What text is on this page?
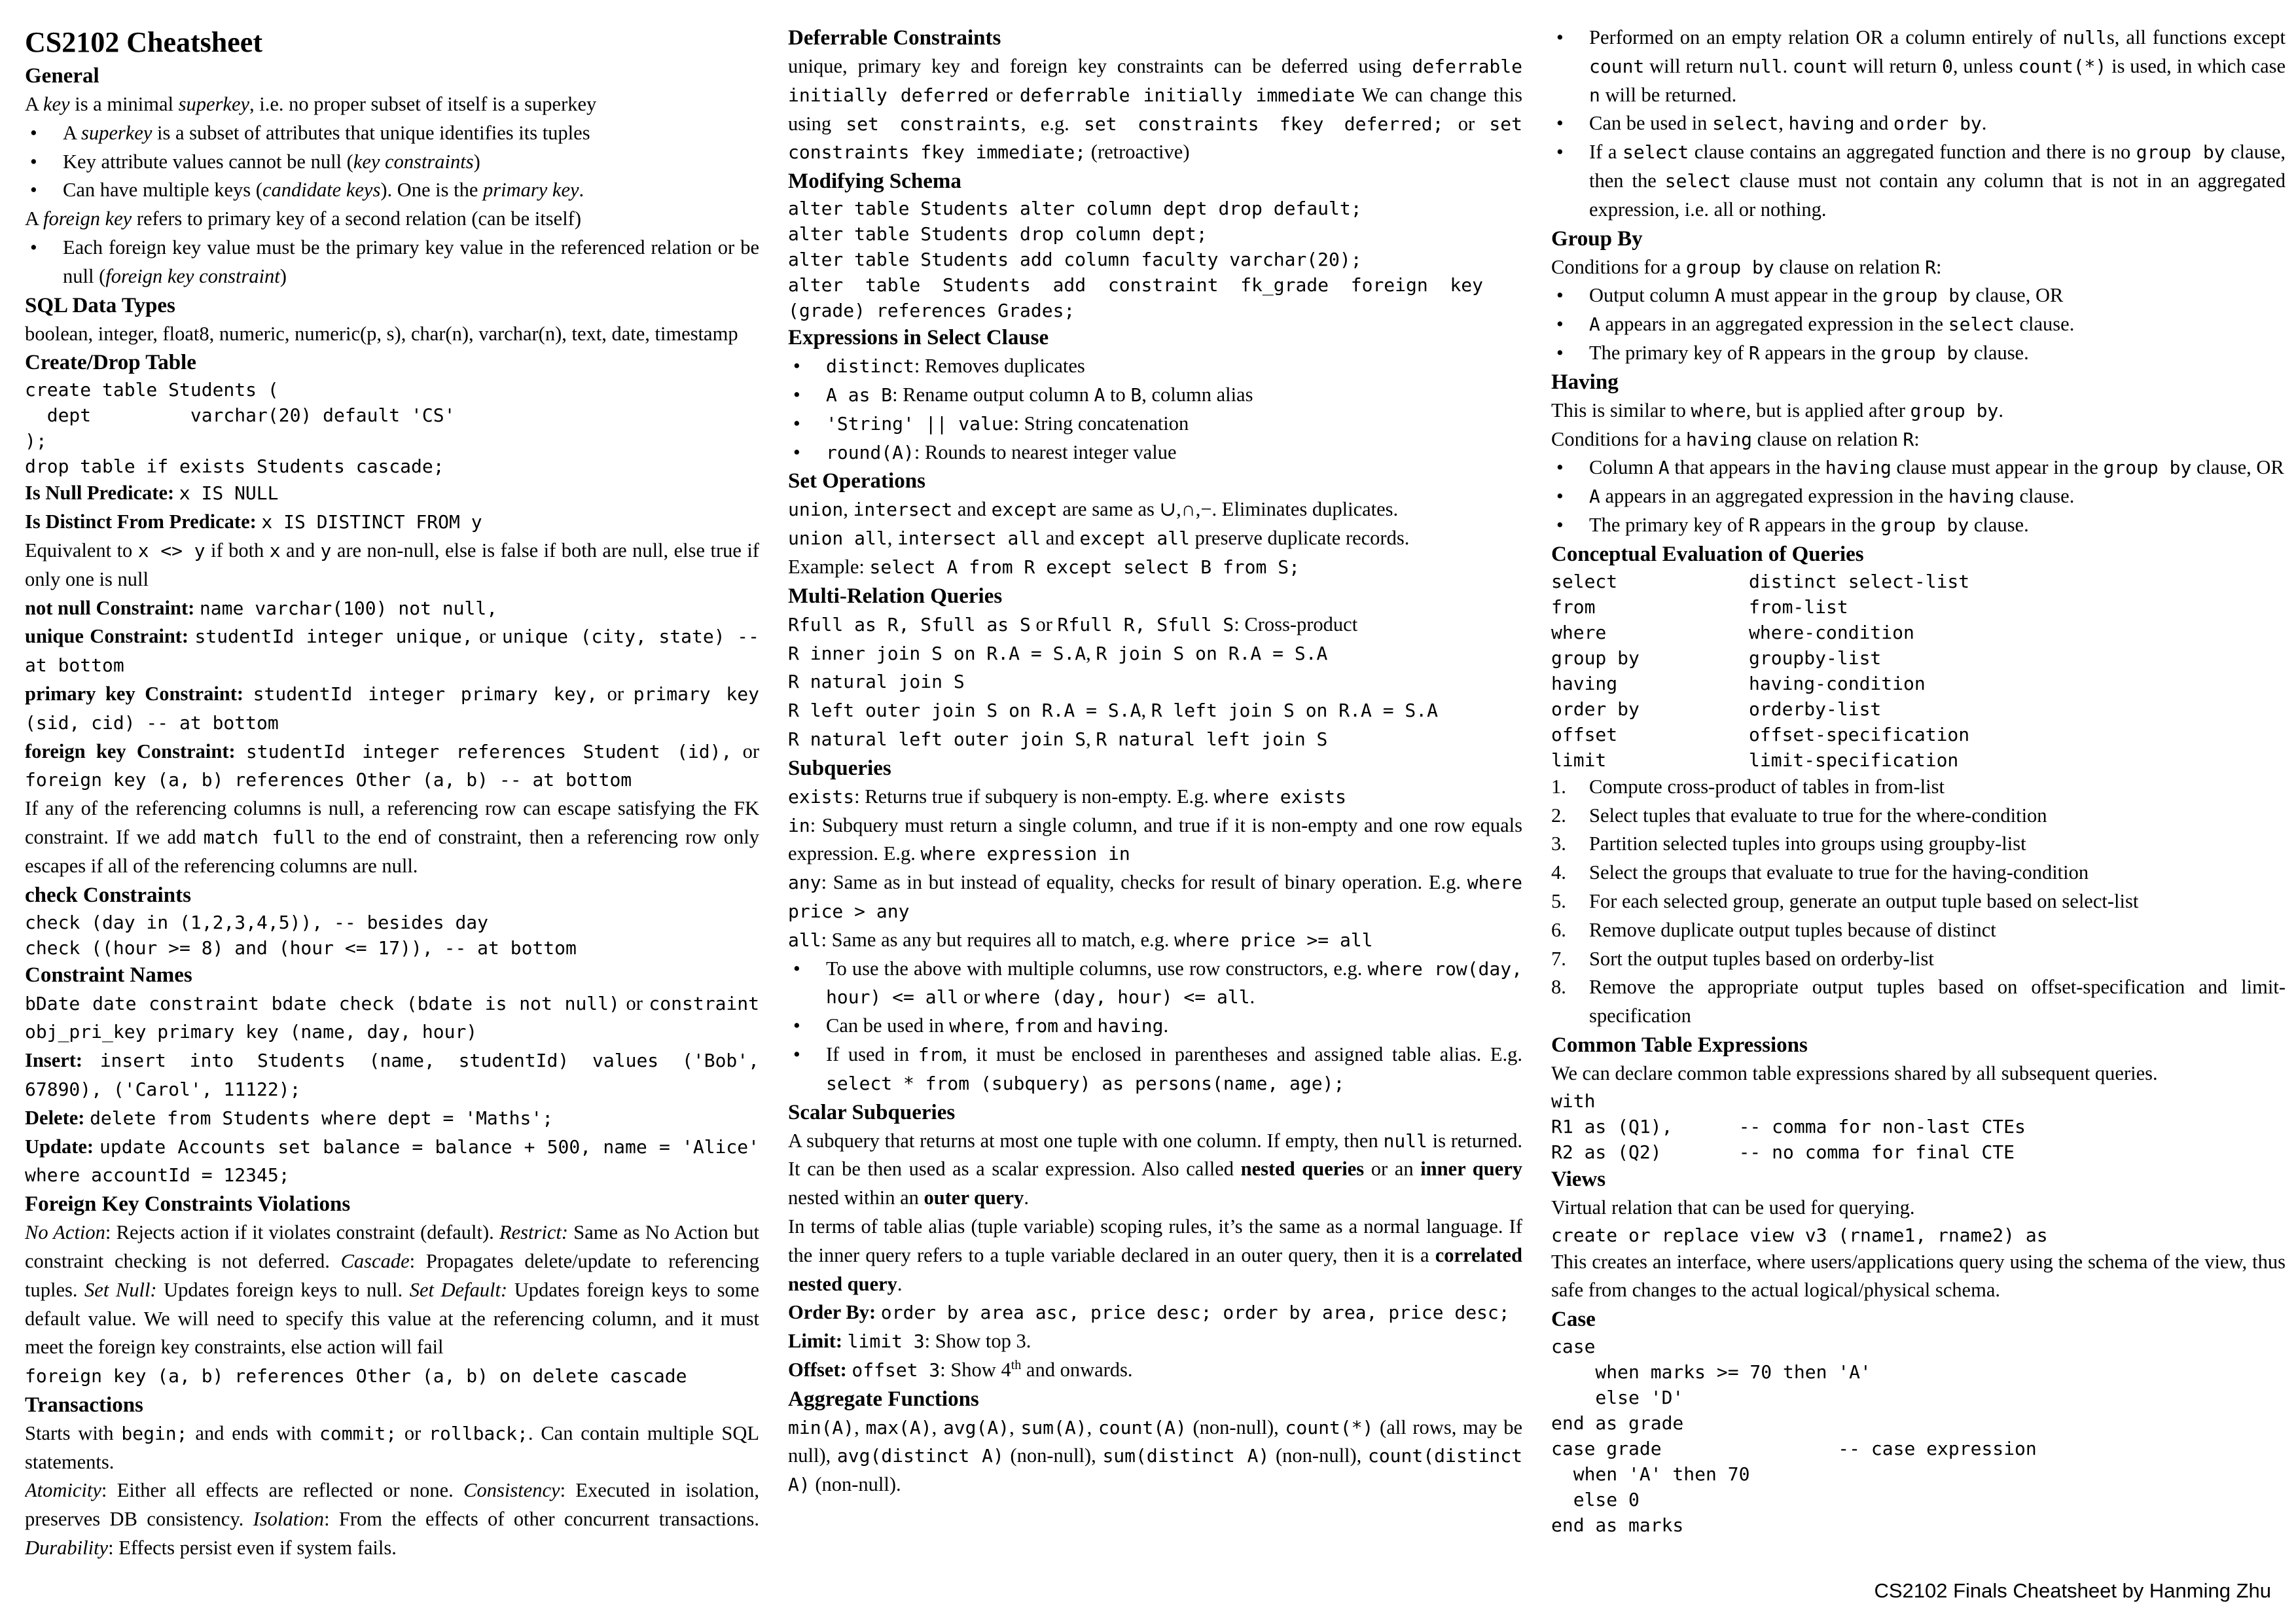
CS2102 Cheatsheet
General

A key is a minimal superkey, i.e. no proper subset of itself is a superkey

• A superkey is a subset of attributes that unique identifies its tuples
• Key attribute values cannot be null (key constraints)
• Can have multiple keys (candidate keys). One is the primary key.

A foreign key refers to primary key of a second relation (can be itself)

• Each foreign key value must be the primary key value in the referenced relation or be null (foreign key constraint)
SQL Data Types

boolean, integer, float8, numeric, numeric(p, s), char(n), varchar(n), text, date, timestamp

Create/Drop Table
create table Students (
dept         varchar(20) default 'CS'
);
drop table if exists Students cascade;

Is Null Predicate: x IS NULL

Is Distinct From Predicate: x IS DISTINCT FROM y

Equivalent to x <> y if both x and y are non-null, else is false if both are null, else true if only one is null

not null Constraint: name varchar(100) not null,

unique Constraint: studentId integer unique, or unique (city, state) -- at bottom

primary key Constraint: studentId integer primary key, or primary key (sid, cid) -- at bottom

foreign key Constraint: studentId integer references Student (id), or foreign key (a, b) references Other (a, b) -- at bottom

If any of the referencing columns is null, a referencing row can escape satisfying the FK constraint. If we add match full to the end of constraint, then a referencing row only escapes if all of the referencing columns are null.

check Constraints
check (day in (1,2,3,4,5)), -- besides day
check ((hour >= 8) and (hour <= 17)), -- at bottom
Constraint Names

bDate date constraint bdate check (bdate is not null) or constraint obj_pri_key primary key (name, day, hour)

Insert: insert into Students (name, studentId) values ('Bob', 67890), ('Carol', 11122);

Delete: delete from Students where dept = 'Maths';

Update: update Accounts set balance = balance + 500, name = 'Alice' where accountId = 12345;

Foreign Key Constraints Violations

No Action: Rejects action if it violates constraint (default). Restrict: Same as No Action but constraint checking is not deferred. Cascade: Propagates delete/update to referencing tuples. Set Null: Updates foreign keys to null. Set Default: Updates foreign keys to some default value. We will need to specify this value at the referencing column, and it must meet the foreign key constraints, else action will fail

foreign key (a, b) references Other (a, b) on delete cascade

Transactions

Starts with begin; and ends with commit; or rollback;. Can contain multiple SQL statements.

Atomicity: Either all effects are reflected or none. Consistency: Executed in isolation, preserves DB consistency. Isolation: From the effects of other concurrent transactions. Durability: Effects persist even if system fails.

Deferrable Constraints

unique, primary key and foreign key constraints can be deferred using deferrable initially deferred or deferrable initially immediate We can change this using set constraints, e.g. set constraints fkey deferred; or set constraints fkey immediate; (retroactive)

Modifying Schema
alter table Students alter column dept drop default;
alter table Students drop column dept;
alter table Students add column faculty varchar(20);
alter  table  Students  add  constraint  fk_grade  foreign  key
(grade) references Grades;
Expressions in Select Clause
• distinct: Removes duplicates
• A as B: Rename output column A to B, column alias
• 'String' || value: String concatenation
• round(A): Rounds to nearest integer value
Set Operations

union, intersect and except are same as ∪,∩,−. Eliminates duplicates.

union all, intersect all and except all preserve duplicate records.

Example: select A from R except select B from S;

Multi-Relation Queries

Rfull as R, Sfull as S or Rfull R, Sfull S: Cross-product

R inner join S on R.A = S.A, R join S on R.A = S.A

R natural join S

R left outer join S on R.A = S.A, R left join S on R.A = S.A

R natural left outer join S, R natural left join S

Subqueries

exists: Returns true if subquery is non-empty. E.g. where exists

in: Subquery must return a single column, and true if it is non-empty and one row equals expression. E.g. where expression in

any: Same as in but instead of equality, checks for result of binary operation. E.g. where price > any

all: Same as any but requires all to match, e.g. where price >= all

• To use the above with multiple columns, use row constructors, e.g. where row(day, hour) <= all or where (day, hour) <= all.
• Can be used in where, from and having.
• If used in from, it must be enclosed in parentheses and assigned table alias. E.g. select * from (subquery) as persons(name, age);
Scalar Subqueries

A subquery that returns at most one tuple with one column. If empty, then null is returned. It can be then used as a scalar expression. Also called nested queries or an inner query nested within an outer query.

In terms of table alias (tuple variable) scoping rules, it’s the same as a normal language. If the inner query refers to a tuple variable declared in an outer query, then it is a correlated nested query.

Order By: order by area asc, price desc; order by area, price desc;

Limit: limit 3: Show top 3.

Offset: offset 3: Show 4th and onwards.

Aggregate Functions

min(A), max(A), avg(A), sum(A), count(A) (non-null), count(*) (all rows, may be null), avg(distinct A) (non-null), sum(distinct A) (non-null), count(distinct A) (non-null).

• Performed on an empty relation OR a column entirely of nulls, all functions except count will return null. count will return 0, unless count(*) is used, in which case n will be returned.
• Can be used in select, having and order by.
• If a select clause contains an aggregated function and there is no group by clause, then the select clause must not contain any column that is not in an aggregated expression, i.e. all or nothing.
Group By

Conditions for a group by clause on relation R:

• Output column A must appear in the group by clause, OR
• A appears in an aggregated expression in the select clause.
• The primary key of R appears in the group by clause.
Having

This is similar to where, but is applied after group by.

Conditions for a having clause on relation R:

• Column A that appears in the having clause must appear in the group by clause, OR
• A appears in an aggregated expression in the having clause.
• The primary key of R appears in the group by clause.
Conceptual Evaluation of Queries
select	distinct select-list
from	from-list
where	where-condition
group by	groupby-list
having	having-condition
order by	orderby-list
offset	offset-specification
limit	limit-specification
1. Compute cross-product of tables in from-list
2. Select tuples that evaluate to true for the where-condition
3. Partition selected tuples into groups using groupby-list
4. Select the groups that evaluate to true for the having-condition
5. For each selected group, generate an output tuple based on select-list
6. Remove duplicate output tuples because of distinct
7. Sort the output tuples based on orderby-list
8. Remove the appropriate output tuples based on offset-specification and limit-specification
Common Table Expressions

We can declare common table expressions shared by all subsequent queries.

with
R1 as (Q1),      -- comma for non-last CTEs
R2 as (Q2)       -- no comma for final CTE
Views

Virtual relation that can be used for querying.

create or replace view v3 (rname1, rname2) as

This creates an interface, where users/applications query using the schema of the view, thus safe from changes to the actual logical/physical schema.

Case
case
when marks >= 70 then 'A'
else 'D'
end as grade
case grade                -- case expression
when 'A' then 70
else 0
end as marks
CS2102 Finals Cheatsheet by Hanming Zhu
